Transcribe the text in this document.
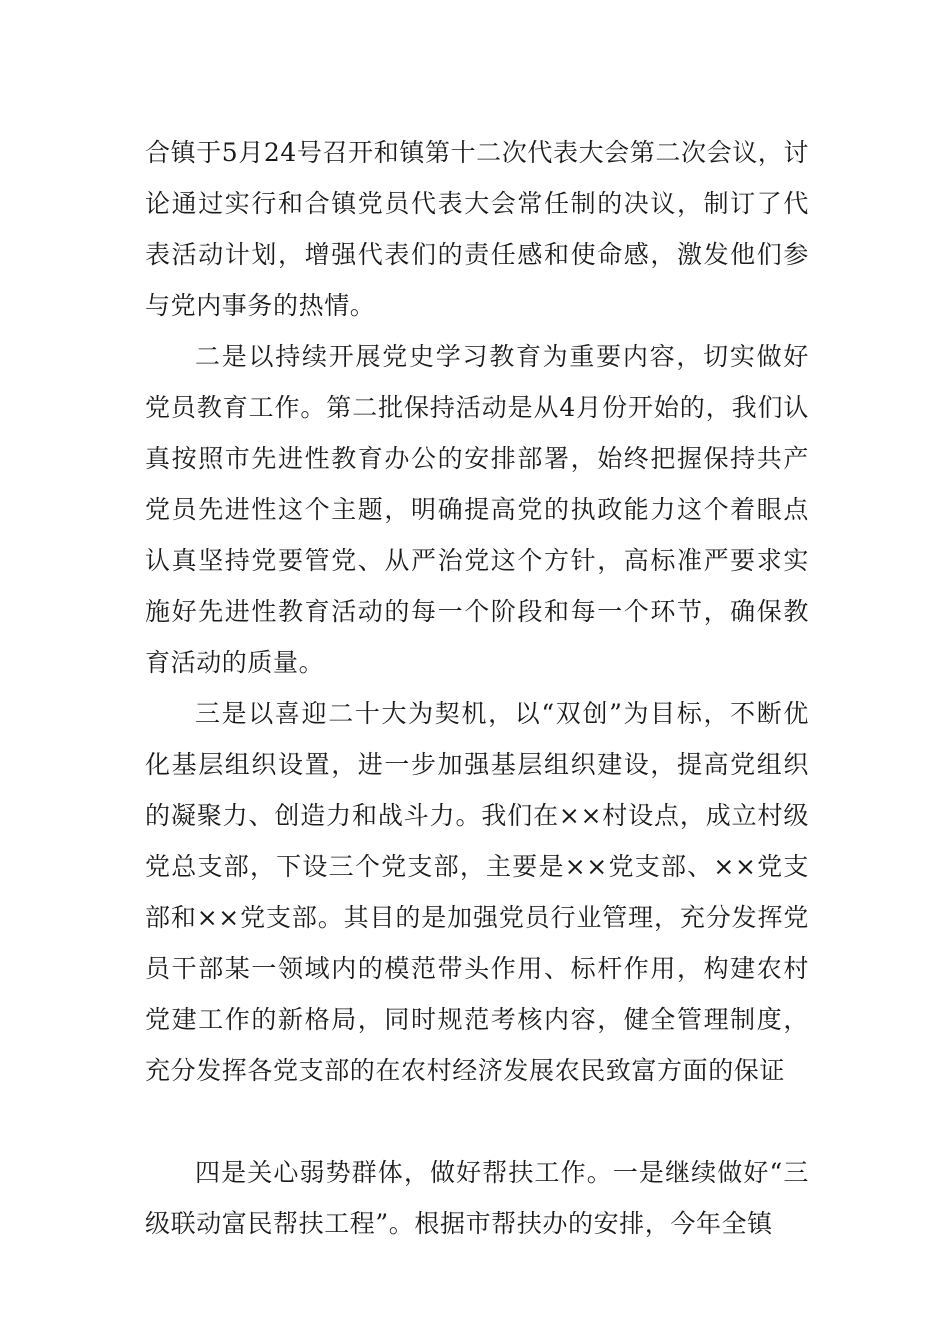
合镇于5月24号召开和镇第十二次代表大会第二次会议，讨论通过实行和合镇党员代表大会常任制的决议，制订了代表活动计划，增强代表们的责任感和使命感，激发他们参与党内事务的热情。

二是以持续开展党史学习教育为重要内容，切实做好党员教育工作。第二批保持活动是从4月份开始的，我们认真按照市先进性教育办公的安排部署，始终把握保持共产党员先进性这个主题，明确提高党的执政能力这个着眼点认真坚持党要管党、从严治党这个方针，高标准严要求实施好先进性教育活动的每一个阶段和每一个环节，确保教育活动的质量。

三是以喜迎二十大为契机，以“双创”为目标，不断优化基层组织设置，进一步加强基层组织建设，提高党组织的凝聚力、创造力和战斗力。我们在××村设点，成立村级党总支部，下设三个党支部，主要是××党支部、××党支部和××党支部。其目的是加强党员行业管理，充分发挥党员干部某一领域内的模范带头作用、标杆作用，构建农村党建工作的新格局，同时规范考核内容，健全管理制度，充分发挥各党支部的在农村经济发展农民致富方面的保证

四是关心弱势群体，做好帮扶工作。一是继续做好“三级联动富民帮扶工程”。根据市帮扶办的安排，今年全镇
